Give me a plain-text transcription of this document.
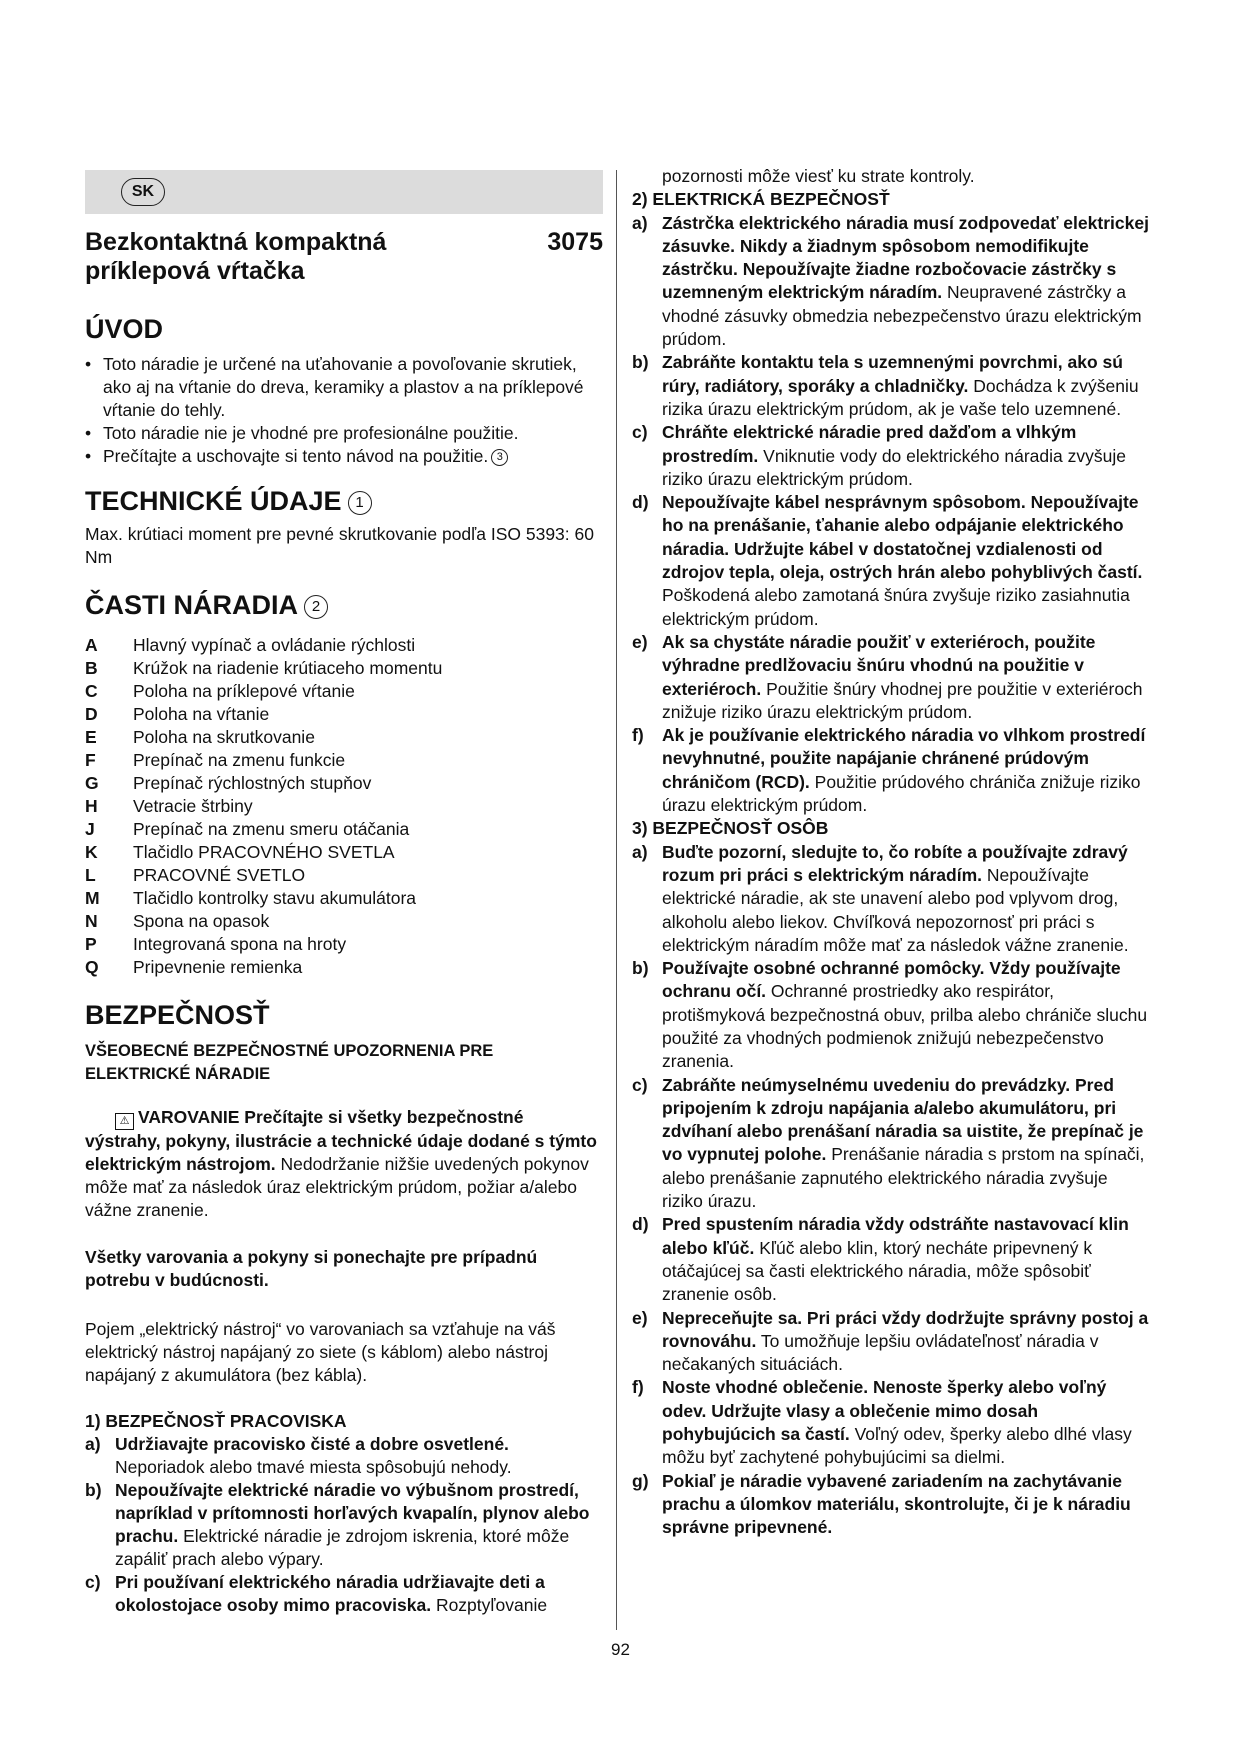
SK
Bezkontaktná kompaktná
príklepová vŕtačka
3075
ÚVOD
• Toto náradie je určené na uťahovanie a povoľovanie skrutiek, ako aj na vŕtanie do dreva, keramiky a plastov a na príklepové vŕtanie do tehly.
• Toto náradie nie je vhodné pre profesionálne použitie.
• Prečítajte a uschovajte si tento návod na použitie. 3
TECHNICKÉ ÚDAJE 1
Max. krútiaci moment pre pevné skrutkovanie podľa ISO 5393: 60 Nm
ČASTI NÁRADIA 2
A Hlavný vypínač a ovládanie rýchlosti
B Krúžok na riadenie krútiaceho momentu
C Poloha na príklepové vŕtanie
D Poloha na vŕtanie
E Poloha na skrutkovanie
F Prepínač na zmenu funkcie
G Prepínač rýchlostných stupňov
H Vetracie štrbiny
J Prepínač na zmenu smeru otáčania
K Tlačidlo PRACOVNÉHO SVETLA
L PRACOVNÉ SVETLO
M Tlačidlo kontrolky stavu akumulátora
N Spona na opasok
P Integrovaná spona na hroty
Q Pripevnenie remienka
BEZPEČNOSŤ
VŠEOBECNÉ BEZPEČNOSTNÉ UPOZORNENIA PRE ELEKTRICKÉ NÁRADIE
⚠ VAROVANIE Prečítajte si všetky bezpečnostné výstrahy, pokyny, ilustrácie a technické údaje dodané s týmto elektrickým nástrojom. Nedodržanie nižšie uvedených pokynov môže mať za následok úraz elektrickým prúdom, požiar a/alebo vážne zranenie.
Všetky varovania a pokyny si ponechajte pre prípadnú potrebu v budúcnosti.
Pojem „elektrický nástroj“ vo varovaniach sa vzťahuje na váš elektrický nástroj napájaný zo siete (s káblom) alebo nástroj napájaný z akumulátora (bez kábla).
1) BEZPEČNOSŤ PRACOVISKA
a) Udržiavajte pracovisko čisté a dobre osvetlené. Neporiadok alebo tmavé miesta spôsobujú nehody.
b) Nepoužívajte elektrické náradie vo výbušnom prostredí, napríklad v prítomnosti horľavých kvapalín, plynov alebo prachu. Elektrické náradie je zdrojom iskrenia, ktoré môže zapáliť prach alebo výpary.
c) Pri používaní elektrického náradia udržiavajte deti a okolostojace osoby mimo pracoviska. Rozptyľovanie
pozornosti môže viesť ku strate kontroly.
2) ELEKTRICKÁ BEZPEČNOSŤ
a) Zástrčka elektrického náradia musí zodpovedať elektrickej zásuvke. Nikdy a žiadnym spôsobom nemodifikujte zástrčku. Nepoužívajte žiadne rozbočovacie zástrčky s uzemneným elektrickým náradím. Neupravené zástrčky a vhodné zásuvky obmedzia nebezpečenstvo úrazu elektrickým prúdom.
b) Zabráňte kontaktu tela s uzemnenými povrchmi, ako sú rúry, radiátory, sporáky a chladničky. Dochádza k zvýšeniu rizika úrazu elektrickým prúdom, ak je vaše telo uzemnené.
c) Chráňte elektrické náradie pred dažďom a vlhkým prostredím. Vniknutie vody do elektrického náradia zvyšuje riziko úrazu elektrickým prúdom.
d) Nepoužívajte kábel nesprávnym spôsobom. Nepoužívajte ho na prenášanie, ťahanie alebo odpájanie elektrického náradia. Udržujte kábel v dostatočnej vzdialenosti od zdrojov tepla, oleja, ostrých hrán alebo pohyblivých častí. Poškodená alebo zamotaná šnúra zvyšuje riziko zasiahnutia elektrickým prúdom.
e) Ak sa chystáte náradie použiť v exteriéroch, použite výhradne predlžovaciu šnúru vhodnú na použitie v exteriéroch. Použitie šnúry vhodnej pre použitie v exteriéroch znižuje riziko úrazu elektrickým prúdom.
f) Ak je používanie elektrického náradia vo vlhkom prostredí nevyhnutné, použite napájanie chránené prúdovým chráničom (RCD). Použitie prúdového chrániča znižuje riziko úrazu elektrickým prúdom.
3) BEZPEČNOSŤ OSÔB
a) Buďte pozorní, sledujte to, čo robíte a používajte zdravý rozum pri práci s elektrickým náradím. Nepoužívajte elektrické náradie, ak ste unavení alebo pod vplyvom drog, alkoholu alebo liekov. Chvíľková nepozornosť pri práci s elektrickým náradím môže mať za následok vážne zranenie.
b) Používajte osobné ochranné pomôcky. Vždy používajte ochranu očí. Ochranné prostriedky ako respirátor, protišmyková bezpečnostná obuv, prilba alebo chrániče sluchu použité za vhodných podmienok znižujú nebezpečenstvo zranenia.
c) Zabráňte neúmyselnému uvedeniu do prevádzky. Pred pripojením k zdroju napájania a/alebo akumulátoru, pri zdvíhaní alebo prenášaní náradia sa uistite, že prepínač je vo vypnutej polohe. Prenášanie náradia s prstom na spínači, alebo prenášanie zapnutého elektrického náradia zvyšuje riziko úrazu.
d) Pred spustením náradia vždy odstráňte nastavovací klin alebo kľúč. Kľúč alebo klin, ktorý necháte pripevnený k otáčajúcej sa časti elektrického náradia, môže spôsobiť zranenie osôb.
e) Nepreceňujte sa. Pri práci vždy dodržujte správny postoj a rovnováhu. To umožňuje lepšiu ovládateľnosť náradia v nečakaných situáciách.
f) Noste vhodné oblečenie. Nenoste šperky alebo voľný odev. Udržujte vlasy a oblečenie mimo dosah pohybujúcich sa častí. Voľný odev, šperky alebo dlhé vlasy môžu byť zachytené pohybujúcimi sa dielmi.
g) Pokiaľ je náradie vybavené zariadením na zachytávanie prachu a úlomkov materiálu, skontrolujte, či je k náradiu správne pripevnené.
92
